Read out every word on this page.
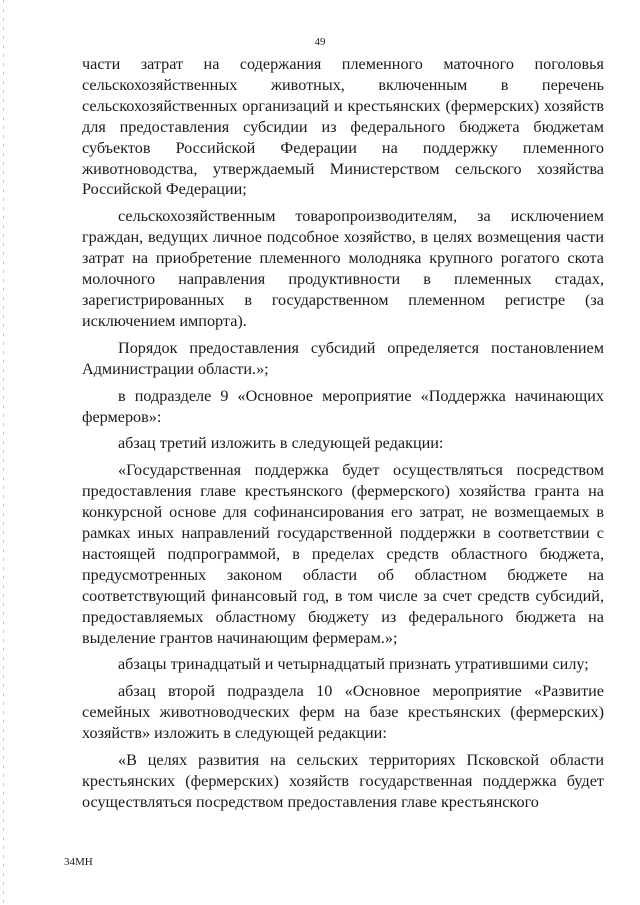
49

части затрат на содержания племенного маточного поголовья сельскохозяйственных животных, включенным в перечень сельскохозяйственных организаций и крестьянских (фермерских) хозяйств для предоставления субсидии из федерального бюджета бюджетам субъектов Российской Федерации на поддержку племенного животноводства, утверждаемый Министерством сельского хозяйства Российской Федерации;

сельскохозяйственным товаропроизводителям, за исключением граждан, ведущих личное подсобное хозяйство, в целях возмещения части затрат на приобретение племенного молодняка крупного рогатого скота молочного направления продуктивности в племенных стадах, зарегистрированных в государственном племенном регистре (за исключением импорта).

Порядок предоставления субсидий определяется постановлением Администрации области.»;

в подразделе 9 «Основное мероприятие «Поддержка начинающих фермеров»:

абзац третий изложить в следующей редакции:

«Государственная поддержка будет осуществляться посредством предоставления главе крестьянского (фермерского) хозяйства гранта на конкурсной основе для софинансирования его затрат, не возмещаемых в рамках иных направлений государственной поддержки в соответствии с настоящей подпрограммой, в пределах средств областного бюджета, предусмотренных законом области об областном бюджете на соответствующий финансовый год, в том числе за счет средств субсидий, предоставляемых областному бюджету из федерального бюджета на выделение грантов начинающим фермерам.»;

абзацы тринадцатый и четырнадцатый признать утратившими силу;

абзац второй подраздела 10 «Основное мероприятие «Развитие семейных животноводческих ферм на базе крестьянских (фермерских) хозяйств» изложить в следующей редакции:

«В целях развития на сельских территориях Псковской области крестьянских (фермерских) хозяйств государственная поддержка будет осуществляться посредством предоставления главе крестьянского

34МН
